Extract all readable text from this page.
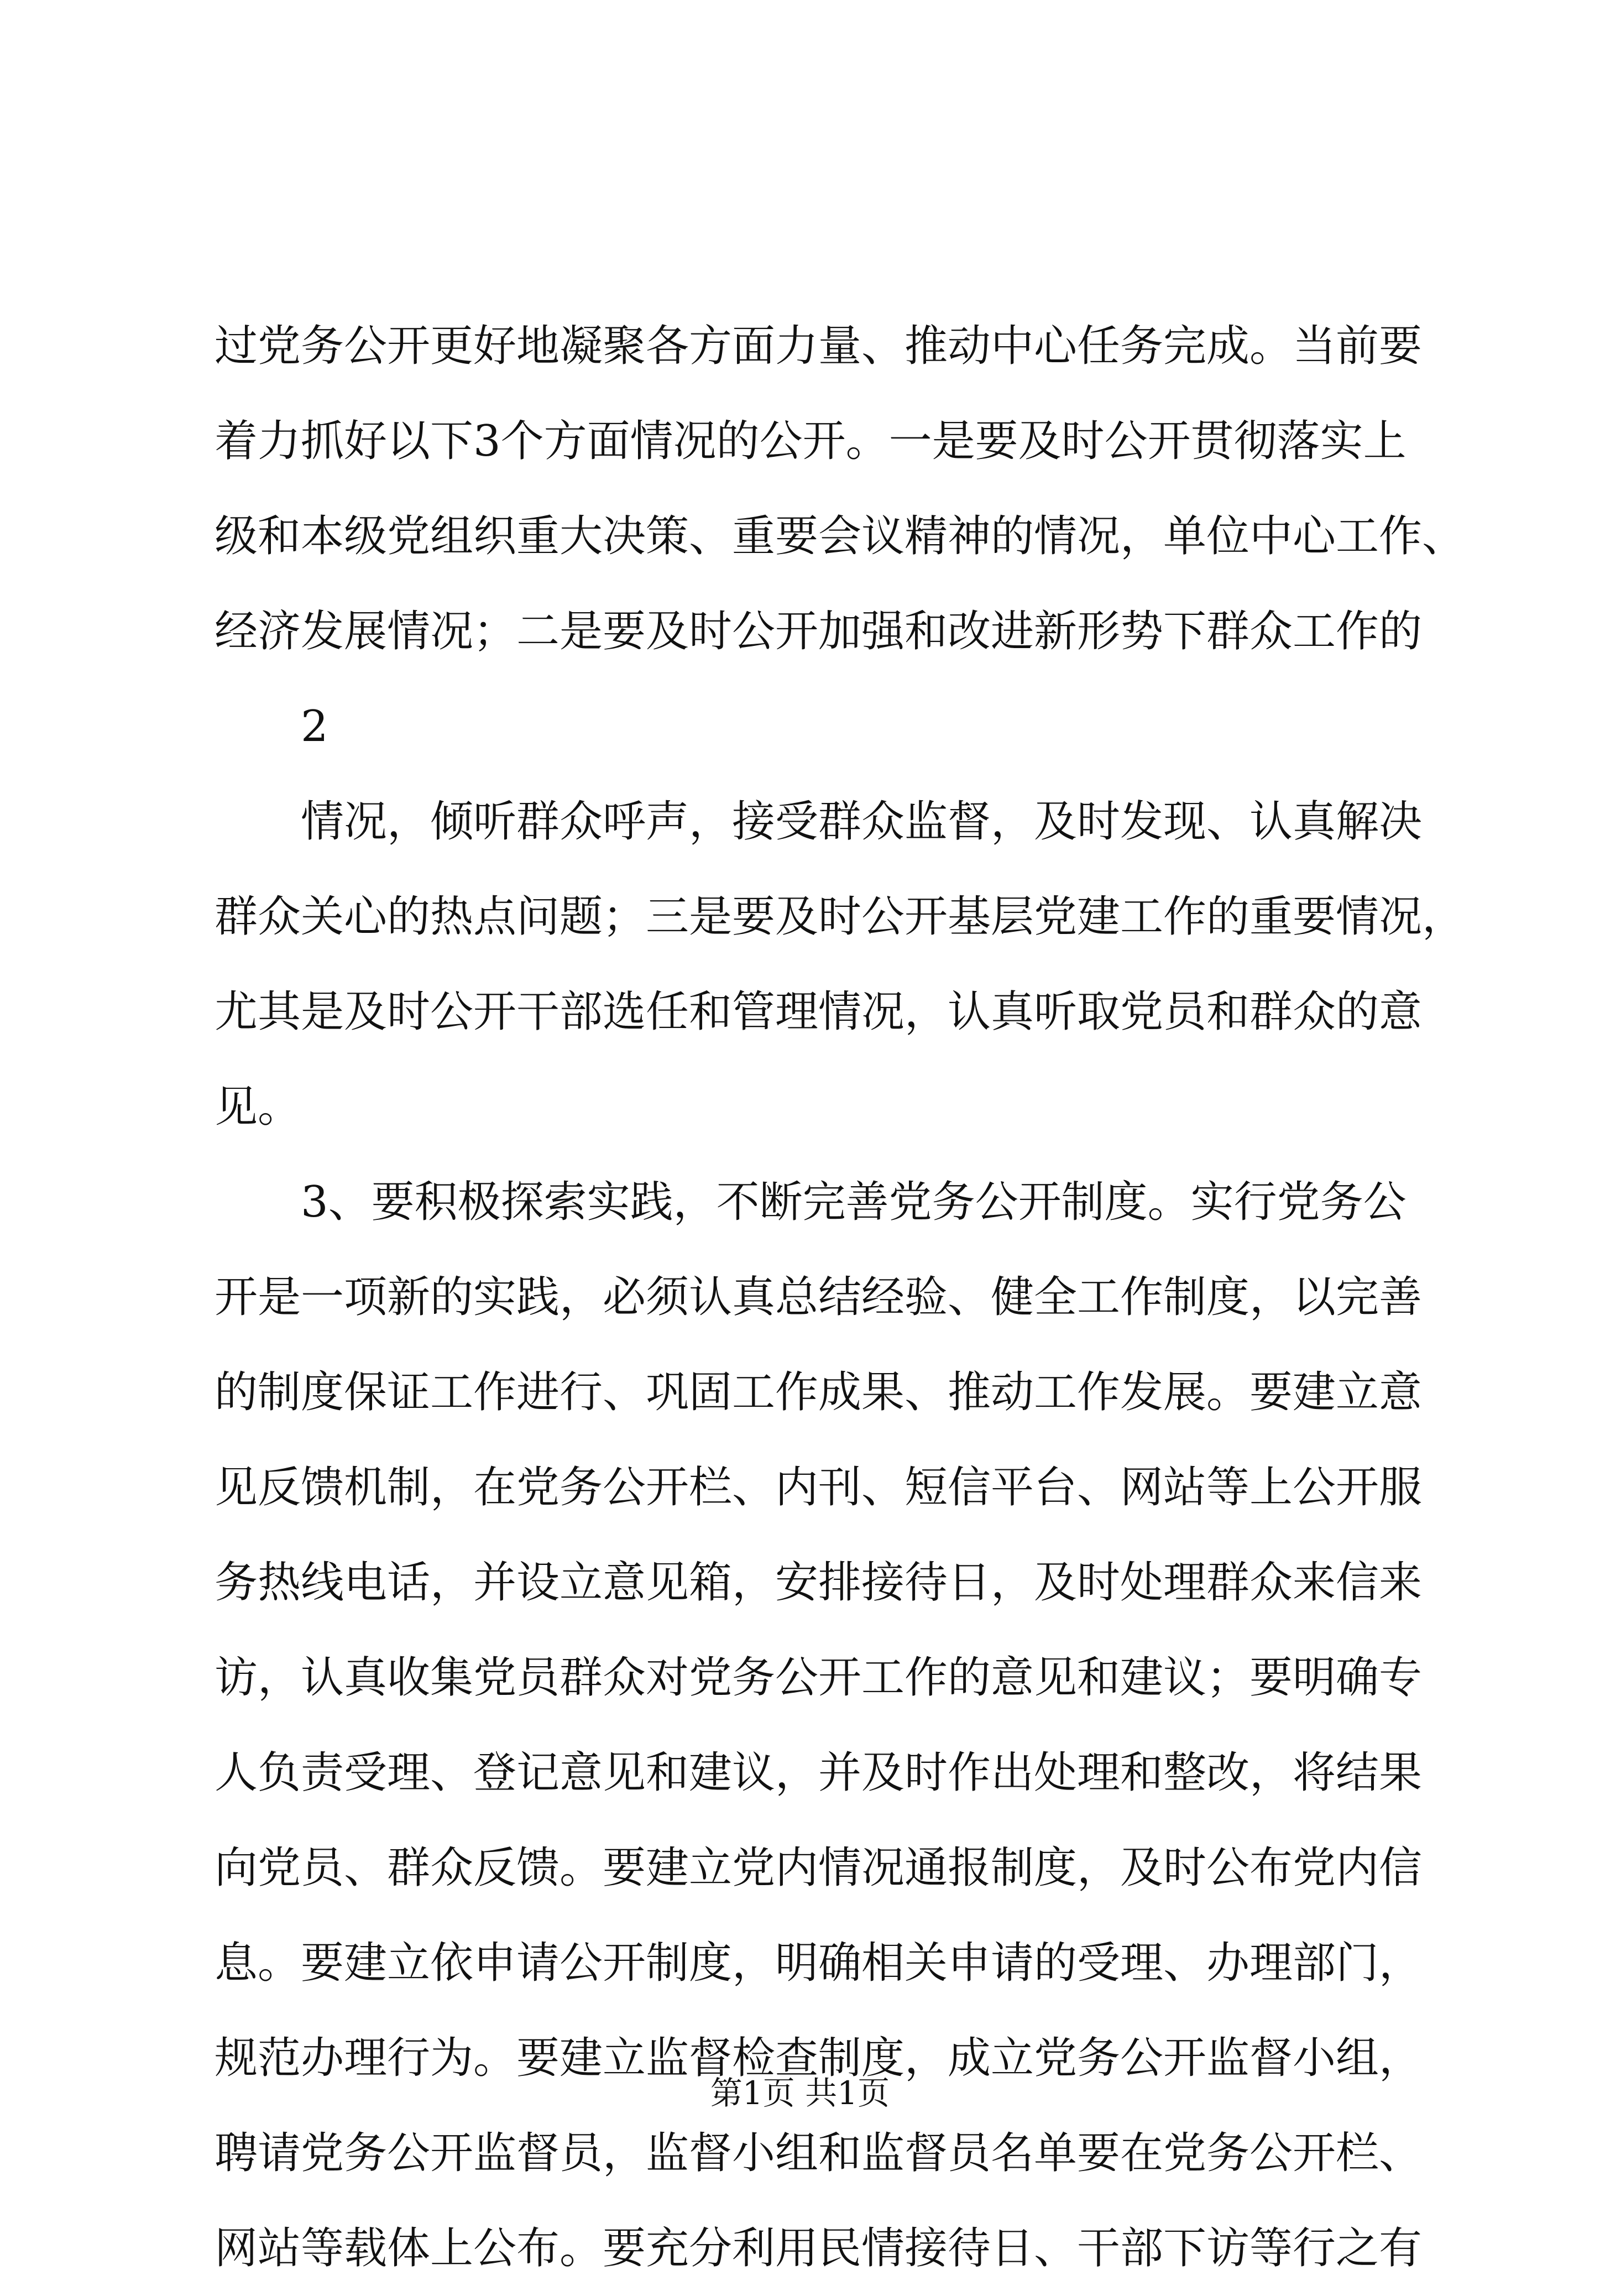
过党务公开更好地凝聚各方面力量、推动中心任务完成。当前要
着力抓好以下3个方面情况的公开。一是要及时公开贯彻落实上
级和本级党组织重大决策、重要会议精神的情况，单位中心工作、
经济发展情况；二是要及时公开加强和改进新形势下群众工作的
2
情况，倾听群众呼声，接受群众监督，及时发现、认真解决
群众关心的热点问题；三是要及时公开基层党建工作的重要情况，
尤其是及时公开干部选任和管理情况，认真听取党员和群众的意
见。
3、要积极探索实践，不断完善党务公开制度。实行党务公
开是一项新的实践，必须认真总结经验、健全工作制度，以完善
的制度保证工作进行、巩固工作成果、推动工作发展。要建立意
见反馈机制，在党务公开栏、内刊、短信平台、网站等上公开服
务热线电话，并设立意见箱，安排接待日，及时处理群众来信来
访，认真收集党员群众对党务公开工作的意见和建议；要明确专
人负责受理、登记意见和建议，并及时作出处理和整改，将结果
向党员、群众反馈。要建立党内情况通报制度，及时公布党内信
息。要建立依申请公开制度，明确相关申请的受理、办理部门，
规范办理行为。要建立监督检查制度，成立党务公开监督小组，
聘请党务公开监督员，监督小组和监督员名单要在党务公开栏、
网站等载体上公布。要充分利用民情接待日、干部下访等行之有
第1页 共1页
